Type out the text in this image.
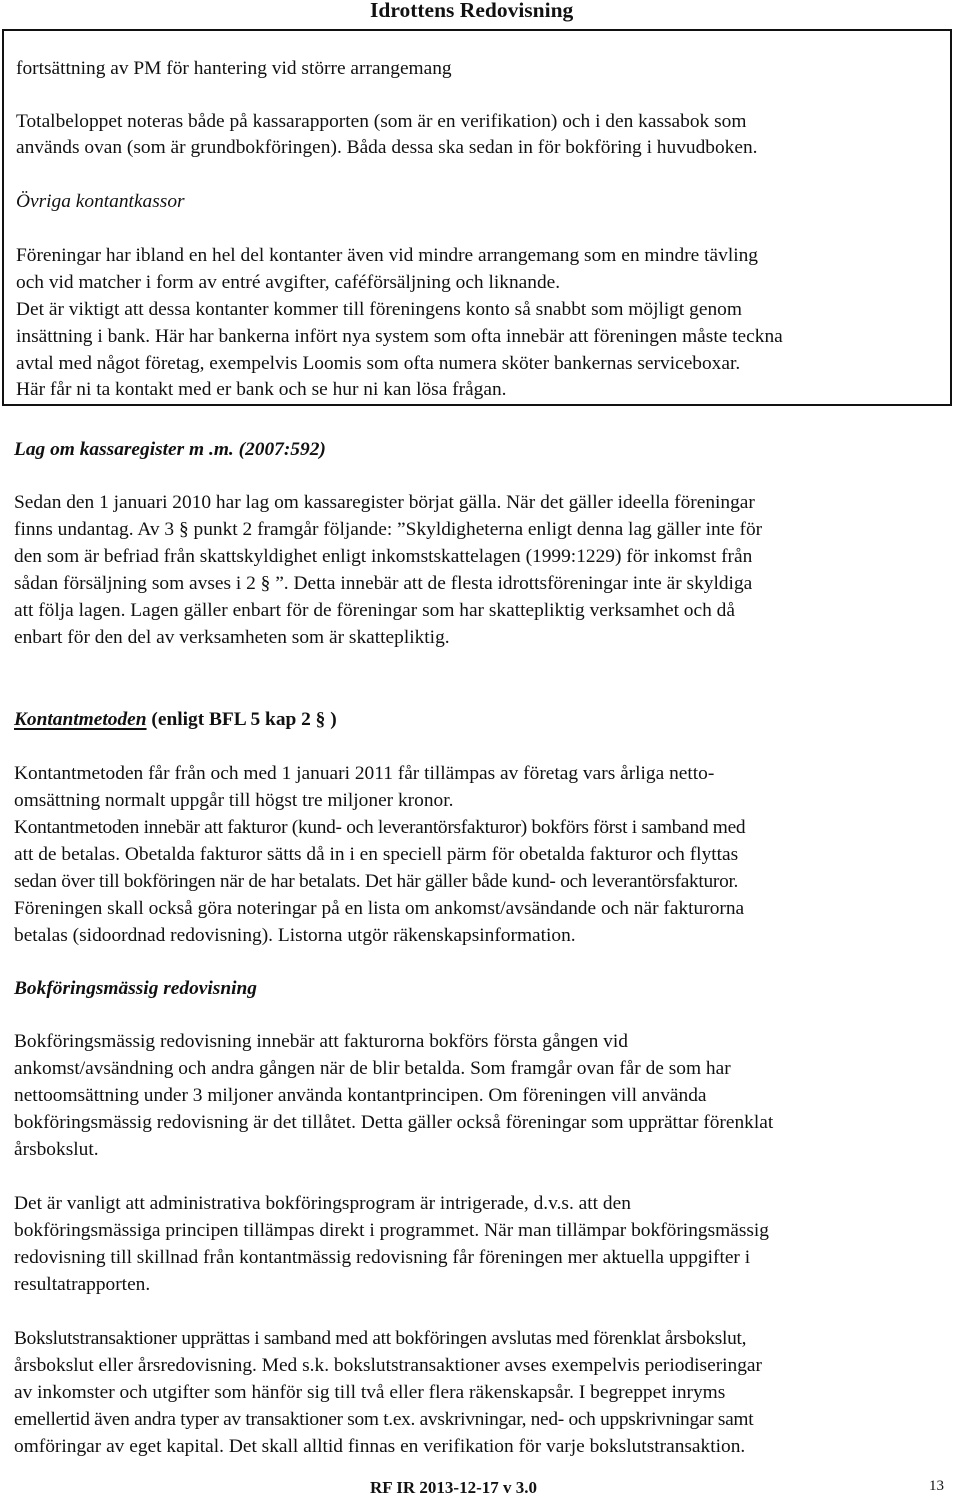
Idrottens Redovisning
fortsättning av PM för hantering vid större arrangemang
Totalbeloppet noteras både på kassarapporten (som är en verifikation) och i den kassabok som
används ovan (som är grundbokföringen). Båda dessa ska sedan in för bokföring i huvudboken.
Övriga kontantkassor
Föreningar har ibland en hel del kontanter även vid mindre arrangemang som en mindre tävling
och vid matcher i form av entré avgifter, caféförsäljning och liknande.
Det är viktigt att dessa kontanter kommer till föreningens konto så snabbt som möjligt genom
insättning i bank. Här har bankerna infört nya system som ofta innebär att föreningen måste teckna
avtal med något företag, exempelvis Loomis som ofta numera sköter bankernas serviceboxar.
Här får ni ta kontakt med er bank och se hur ni kan lösa frågan.
Lag om kassaregister m .m. (2007:592)
Sedan den 1 januari 2010 har lag om kassaregister börjat gälla. När det gäller ideella föreningar
finns undantag. Av 3 § punkt 2 framgår följande: ”Skyldigheterna enligt denna lag gäller inte för
den som är befriad från skattskyldighet enligt inkomstskattelagen (1999:1229) för inkomst från
sådan försäljning som avses i 2 § ”. Detta innebär att de flesta idrottsföreningar inte är skyldiga
att följa lagen. Lagen gäller enbart för de föreningar som har skattepliktig verksamhet och då
enbart för den del av verksamheten som är skattepliktig.
Kontantmetoden (enligt BFL 5 kap 2 § )
Kontantmetoden får från och med 1 januari 2011 får tillämpas av företag vars årliga netto-
omsättning normalt uppgår till högst tre miljoner kronor.
Kontantmetoden innebär att fakturor (kund- och leverantörsfakturor) bokförs först i samband med
att de betalas. Obetalda fakturor sätts då in i en speciell pärm för obetalda fakturor och flyttas
sedan över till bokföringen när de har betalats. Det här gäller både kund- och leverantörsfakturor.
Föreningen skall också göra noteringar på en lista om ankomst/avsändande och när fakturorna
betalas (sidoordnad redovisning). Listorna utgör räkenskapsinformation.
Bokföringsmässig redovisning
Bokföringsmässig redovisning innebär att fakturorna bokförs första gången vid
ankomst/avsändning och andra gången när de blir betalda. Som framgår ovan får de som har
nettoomsättning under 3 miljoner använda kontantprincipen. Om föreningen vill använda
bokföringsmässig redovisning är det tillåtet. Detta gäller också föreningar som upprättar förenklat
årsbokslut.
Det är vanligt att administrativa bokföringsprogram är intrigerade, d.v.s. att den
bokföringsmässiga principen tillämpas direkt i programmet. När man tillämpar bokföringsmässig
redovisning till skillnad från kontantmässig redovisning får föreningen mer aktuella uppgifter i
resultatrapporten.
Bokslutstransaktioner upprättas i samband med att bokföringen avslutas med förenklat årsbokslut,
årsbokslut eller årsredovisning. Med s.k. bokslutstransaktioner avses exempelvis periodiseringar
av inkomster och utgifter som hänför sig till två eller flera räkenskapsår. I begreppet inryms
emellertid även andra typer av transaktioner som t.ex. avskrivningar, ned- och uppskrivningar samt
omföringar av eget kapital. Det skall alltid finnas en verifikation för varje bokslutstransaktion.
RF IR 2013-12-17 v 3.0	13
